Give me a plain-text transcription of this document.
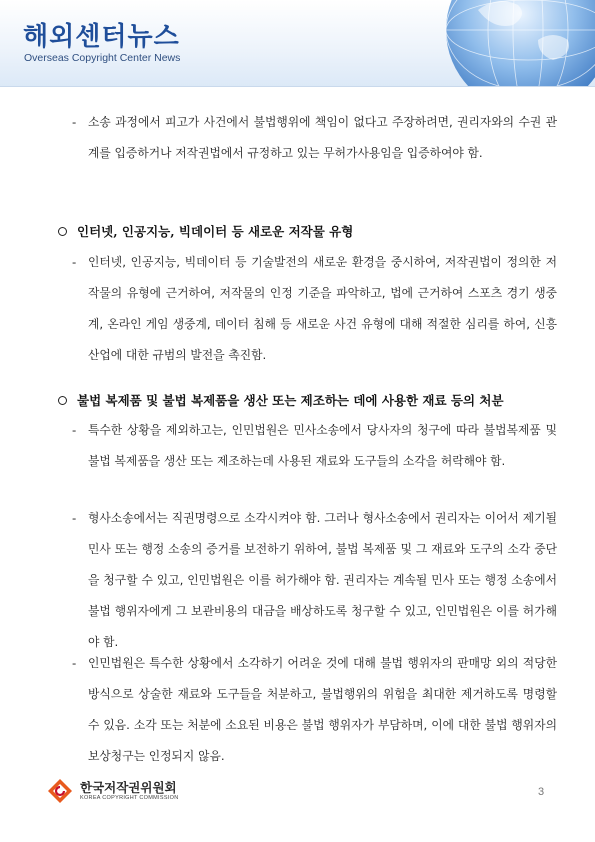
해외센터뉴스
Overseas Copyright Center News
- 소송 과정에서 피고가 사건에서 불법행위에 책임이 없다고 주장하려면, 권리자와의 수권 관계를 입증하거나 저작권법에서 규정하고 있는 무허가사용임을 입증하여야 함.
인터넷, 인공지능, 빅데이터 등 새로운 저작물 유형
- 인터넷, 인공지능, 빅데이터 등 기술발전의 새로운 환경을 중시하여, 저작권법이 정의한 저작물의 유형에 근거하여, 저작물의 인정 기준을 파악하고, 법에 근거하여 스포츠 경기 생중계, 온라인 게임 생중계, 데이터 침해 등 새로운 사건 유형에 대해 적절한 심리를 하여, 신흥 산업에 대한 규범의 발전을 촉진함.
불법 복제품 및 불법 복제품을 생산 또는 제조하는 데에 사용한 재료 등의 처분
- 특수한 상황을 제외하고는, 인민법원은 민사소송에서 당사자의 청구에 따라 불법복제품 및 불법 복제품을 생산 또는 제조하는데 사용된 재료와 도구들의 소각을 허락해야 함.
- 형사소송에서는 직권명령으로 소각시켜야 함. 그러나 형사소송에서 권리자는 이어서 제기될 민사 또는 행정 소송의 증거를 보전하기 위하여, 불법 복제품 및 그 재료와 도구의 소각 중단을 청구할 수 있고, 인민법원은 이를 허가해야 함. 권리자는 계속될 민사 또는 행정 소송에서 불법 행위자에게 그 보관비용의 대금을 배상하도록 청구할 수 있고, 인민법원은 이를 허가해야 함.
- 인민법원은 특수한 상황에서 소각하기 어려운 것에 대해 불법 행위자의 판매망 외의 적당한 방식으로 상술한 재료와 도구들을 처분하고, 불법행위의 위험을 최대한 제거하도록 명령할 수 있음. 소각 또는 처분에 소요된 비용은 불법 행위자가 부담하며, 이에 대한 불법 행위자의 보상청구는 인정되지 않음.
한국저작권위원회
KOREA COPYRIGHT COMMISSION	3
